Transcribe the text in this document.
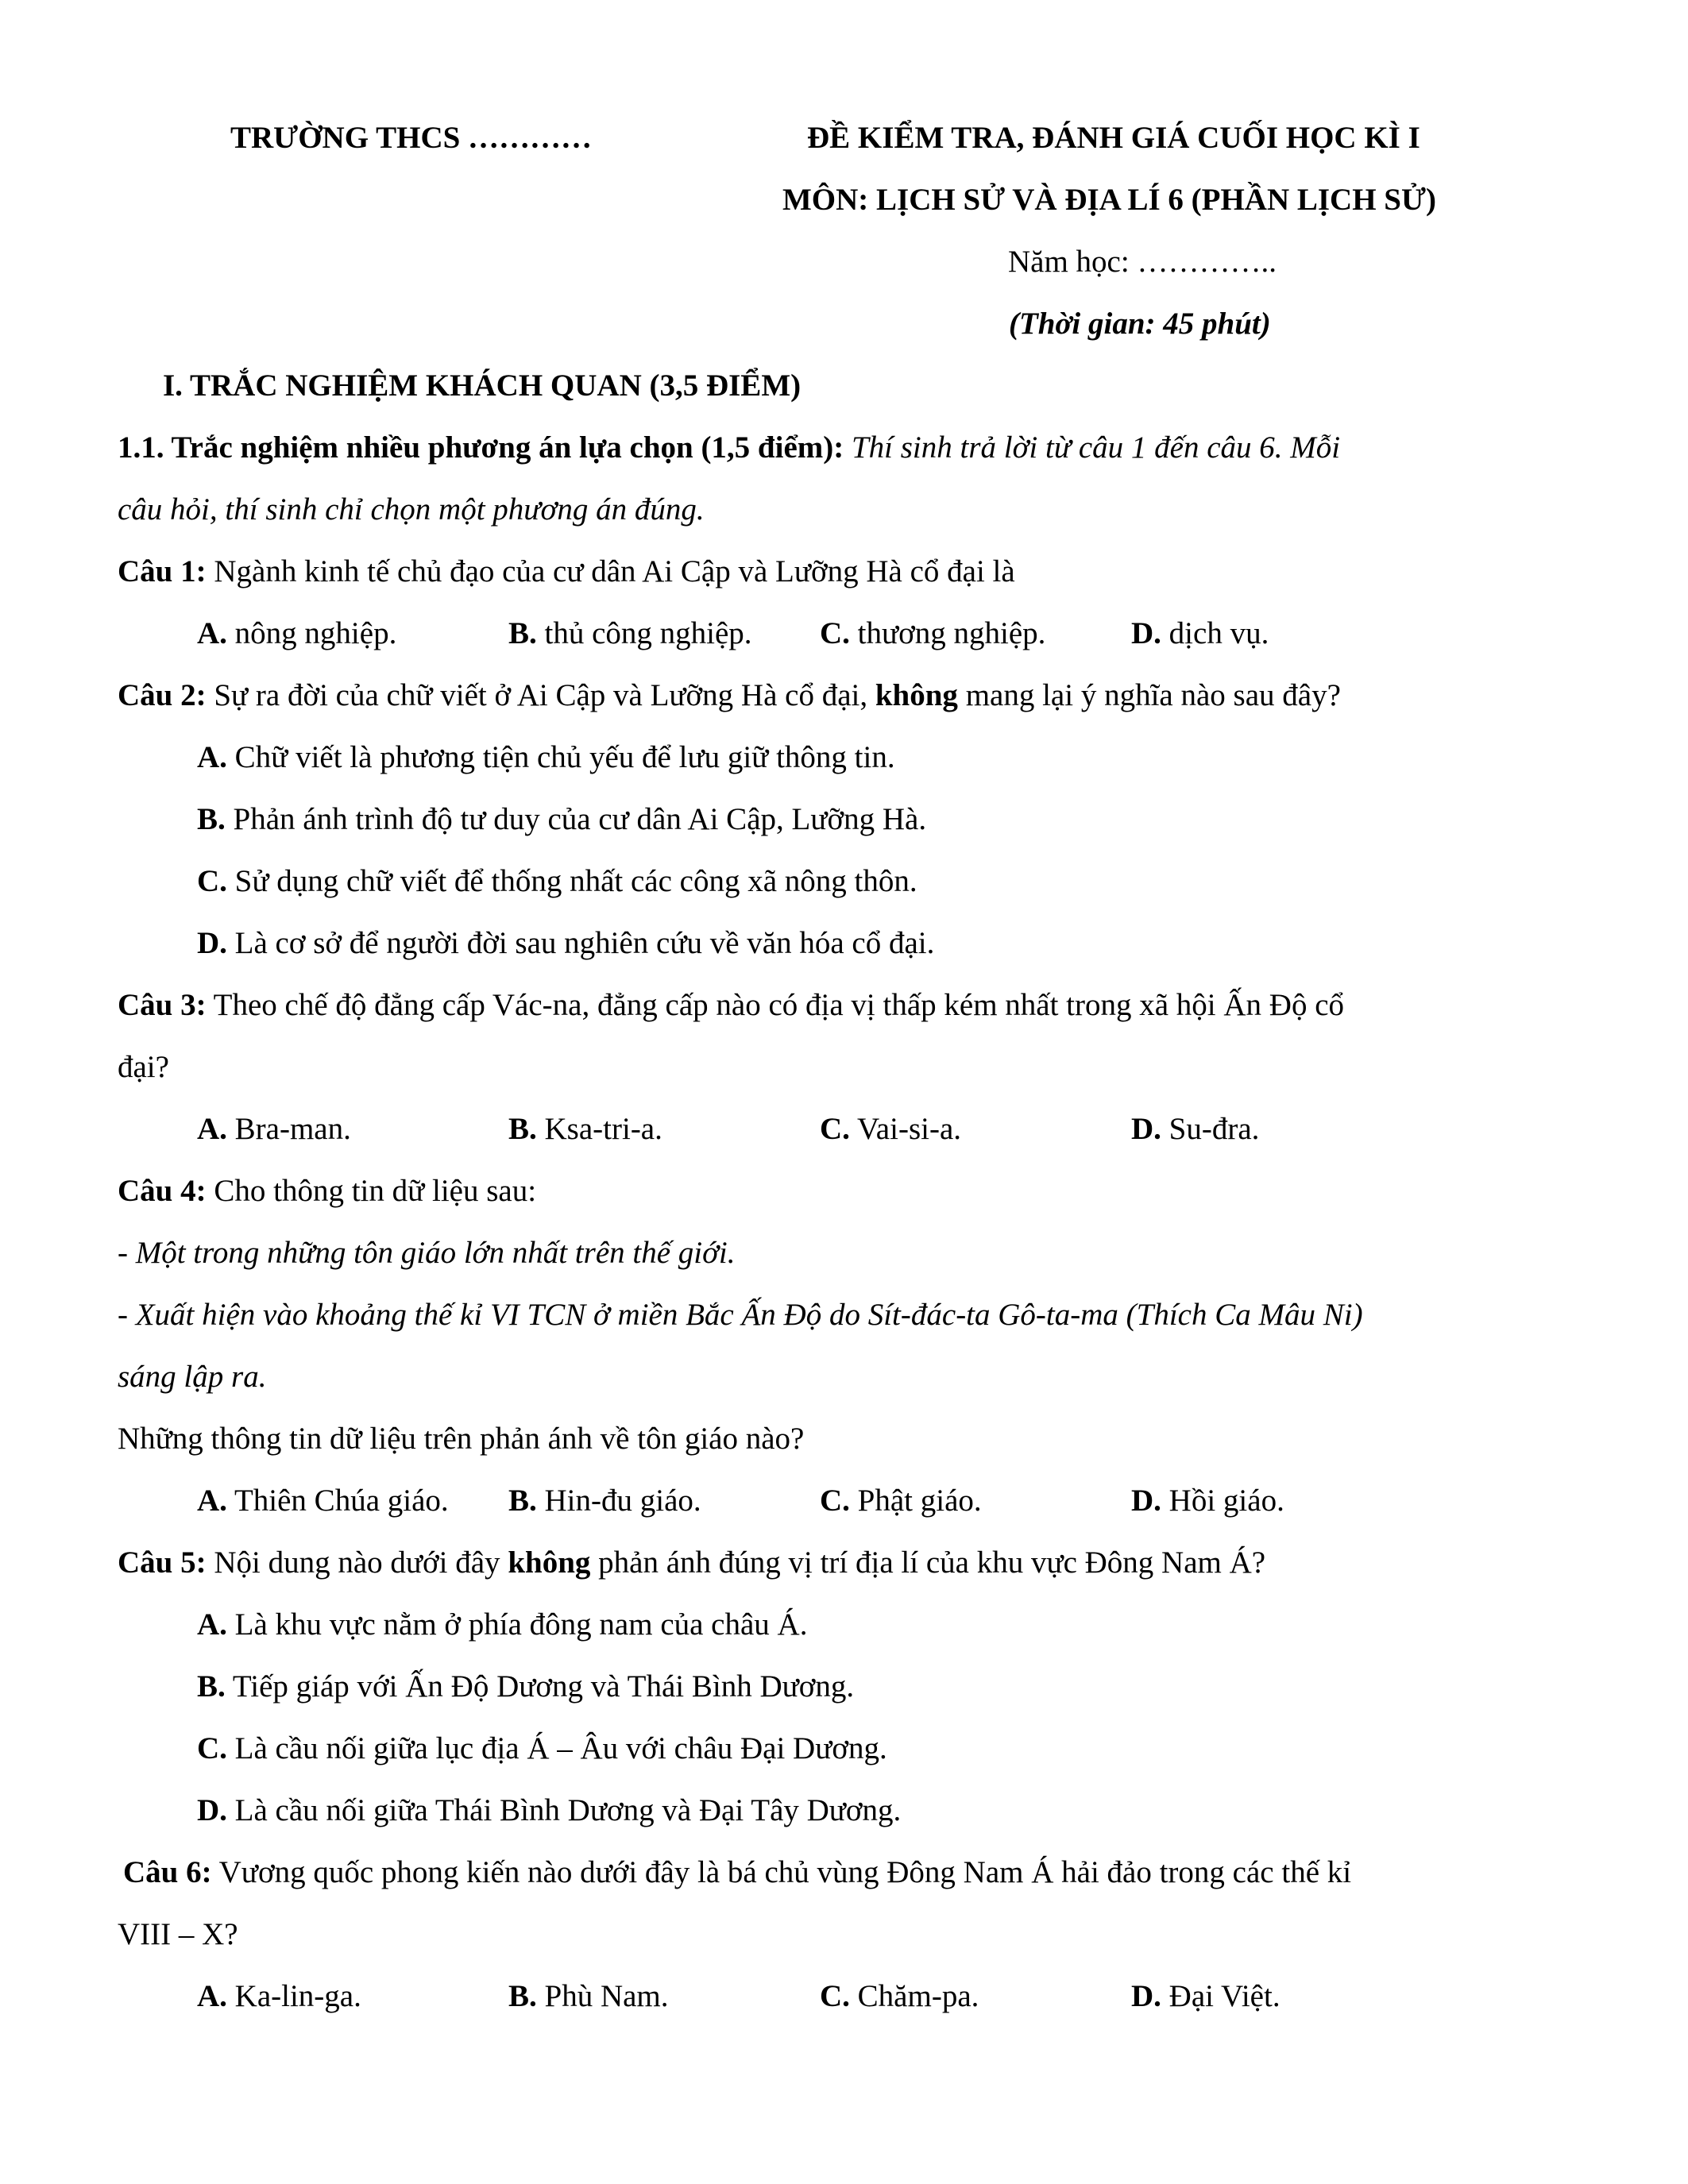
TRƯỜNG THCS …………	ĐỀ KIỂM TRA, ĐÁNH GIÁ CUỐI HỌC KÌ I
MÔN: LỊCH SỬ VÀ ĐỊA LÍ 6 (PHẦN LỊCH SỬ)
Năm học: …………..
(Thời gian: 45 phút)
I. TRẮC NGHIỆM KHÁCH QUAN (3,5 ĐIỂM)
1.1. Trắc nghiệm nhiều phương án lựa chọn (1,5 điểm): Thí sinh trả lời từ câu 1 đến câu 6. Mỗi
câu hỏi, thí sinh chỉ chọn một phương án đúng.
Câu 1: Ngành kinh tế chủ đạo của cư dân Ai Cập và Lưỡng Hà cổ đại là
A. nông nghiệp.	B. thủ công nghiệp. C. thương nghiệp.	D. dịch vụ.
Câu 2: Sự ra đời của chữ viết ở Ai Cập và Lưỡng Hà cổ đại, không mang lại ý nghĩa nào sau đây?
A. Chữ viết là phương tiện chủ yếu để lưu giữ thông tin.
B. Phản ánh trình độ tư duy của cư dân Ai Cập, Lưỡng Hà.
C. Sử dụng chữ viết để thống nhất các công xã nông thôn.
D. Là cơ sở để người đời sau nghiên cứu về văn hóa cổ đại.
Câu 3: Theo chế độ đẳng cấp Vác-na, đẳng cấp nào có địa vị thấp kém nhất trong xã hội Ấn Độ cổ
đại?
A. Bra-man.	B. Ksa-tri-a.	C. Vai-si-a.	D. Su-đra.
Câu 4: Cho thông tin dữ liệu sau:
- Một trong những tôn giáo lớn nhất trên thế giới.
- Xuất hiện vào khoảng thế kỉ VI TCN ở miền Bắc Ấn Độ do Sít-đác-ta Gô-ta-ma (Thích Ca Mâu Ni)
sáng lập ra.
Những thông tin dữ liệu trên phản ánh về tôn giáo nào?
A. Thiên Chúa giáo. B. Hin-đu giáo.	C. Phật giáo.	D. Hồi giáo.
Câu 5: Nội dung nào dưới đây không phản ánh đúng vị trí địa lí của khu vực Đông Nam Á?
A. Là khu vực nằm ở phía đông nam của châu Á.
B. Tiếp giáp với Ấn Độ Dương và Thái Bình Dương.
C. Là cầu nối giữa lục địa Á – Âu với châu Đại Dương.
D. Là cầu nối giữa Thái Bình Dương và Đại Tây Dương.
Câu 6: Vương quốc phong kiến nào dưới đây là bá chủ vùng Đông Nam Á hải đảo trong các thế kỉ
VIII – X?
A. Ka-lin-ga.	B. Phù Nam.	C. Chăm-pa.	D. Đại Việt.
